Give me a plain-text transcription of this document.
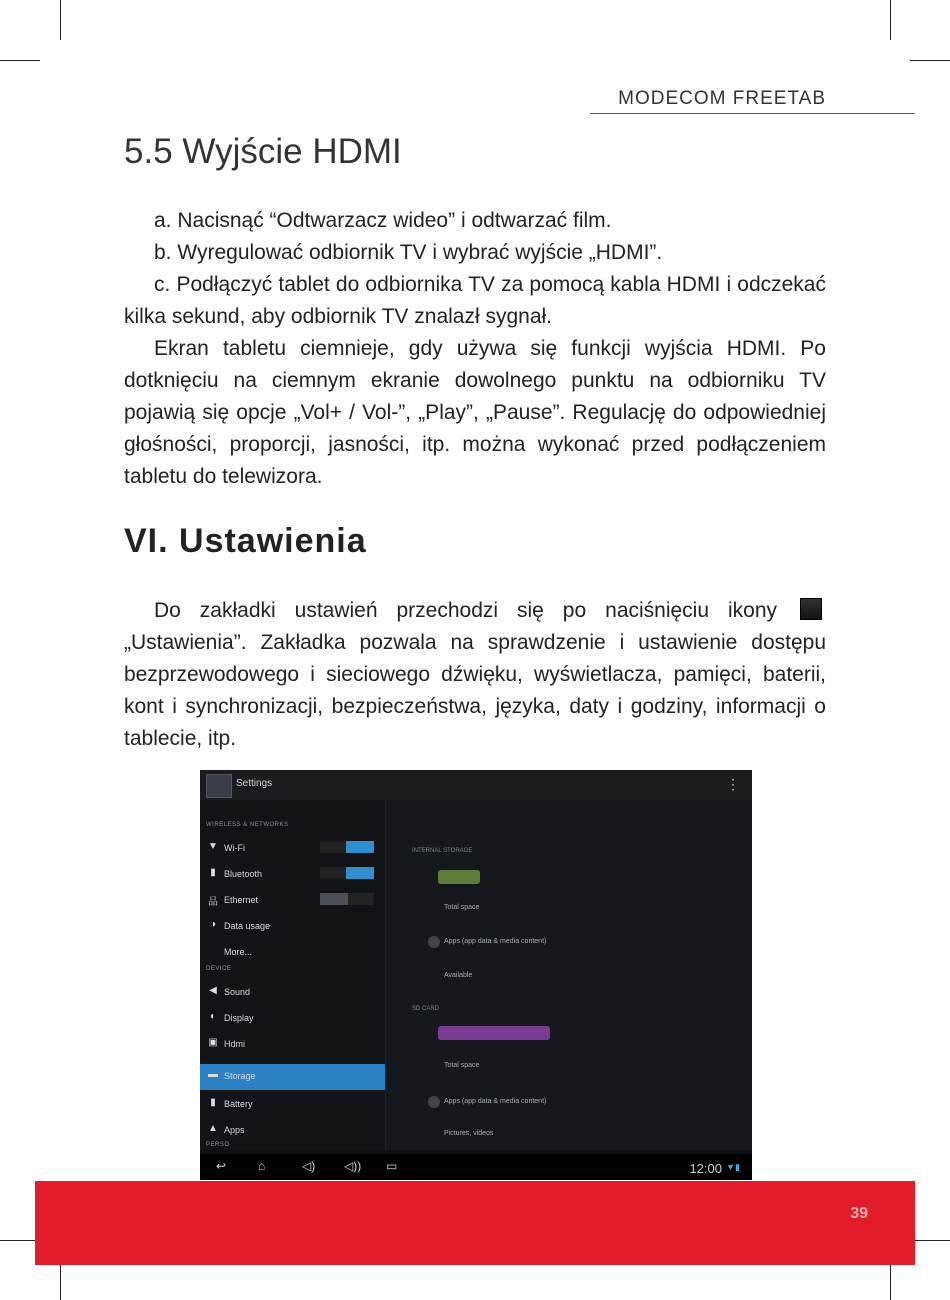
MODECOM FREETAB
5.5 Wyjście HDMI
a. Nacisnąć “Odtwarzacz wideo” i odtwarzać film.
b. Wyregulować odbiornik TV i wybrać wyjście „HDMI”.
c. Podłączyć tablet do odbiornika TV za pomocą kabla HDMI i odczekać kilka sekund, aby odbiornik TV znalazł sygnał.
Ekran tabletu ciemnieje, gdy używa się funkcji wyjścia HDMI. Po dotknięciu na ciemnym ekranie dowolnego punktu na odbiorniku TV pojawią się opcje „Vol+ / Vol-”, „Play”, „Pause”. Regulację do odpowiedniej głośności, proporcji, jasności, itp. można wykonać przed podłączeniem tabletu do telewizora.
VI. Ustawienia
Do zakładki ustawień przechodzi się po naciśnięciu ikony  „Ustawienia”. Zakładka pozwala na sprawdzenie i ustawienie dostępu bezprzewodowego i sieciowego dźwięku, wyświetlacza, pamięci, baterii, kont i synchronizacji, bezpieczeństwa, języka, daty i godziny, informacji o tablecie, itp.
Settings	⋮
WIRELESS & NETWORKS
▼ Wi-Fi
▮ Bluetooth
品 Ethernet
◑ Data usage
More...
DEVICE
◀ Sound
◐ Display
▣ Hdmi
▬ Storage
▮ Battery
▲ Apps
PERSO
INTERNAL STORAGE
Total space
Apps (app data & media content)
Available
SD CARD
Total space
Apps (app data & media content)
Pictures, videos
↩	⌂	◁) ◁)) ▭	12:00 ▼▮
39
